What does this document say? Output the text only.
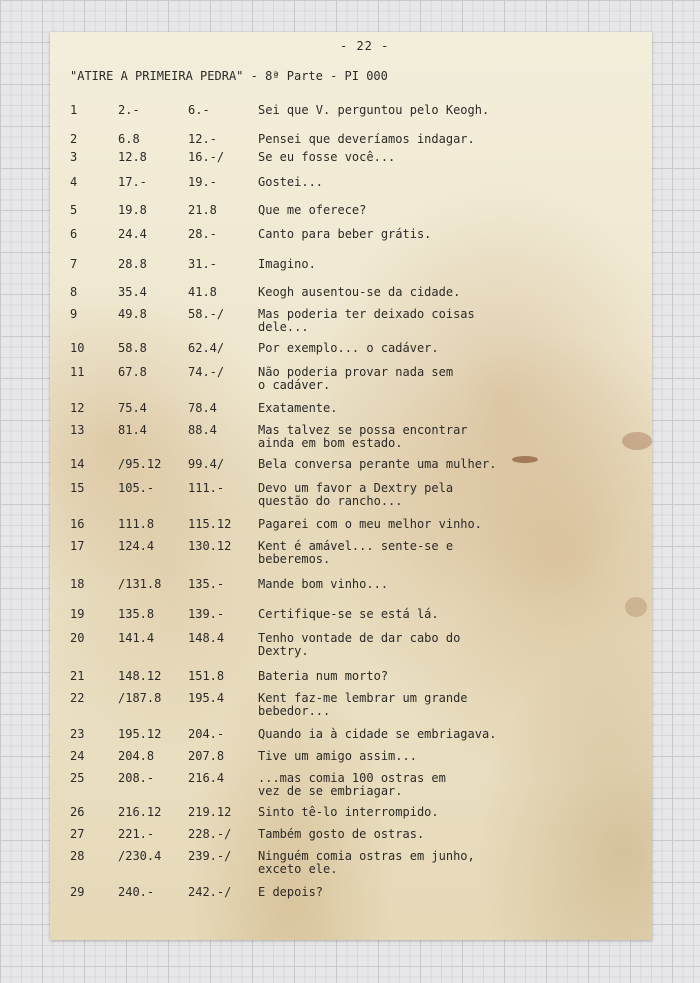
- 22 -
"ATIRE A PRIMEIRA PEDRA" - 8ª Parte - PI 000
1	2.-	6.-	Sei que V. perguntou pelo Keogh.
2	6.8	12.-	Pensei que deveríamos indagar.
3	12.8	16.-/	Se eu fosse você...
4	17.-	19.-	Gostei...
5	19.8	21.8	Que me oferece?
6	24.4	28.-	Canto para beber grátis.
7	28.8	31.-	Imagino.
8	35.4	41.8	Keogh ausentou-se da cidade.
9	49.8	58.-/	Mas poderia ter deixado coisas
dele...
10	58.8	62.4/	Por exemplo... o cadáver.
11	67.8	74.-/	Não poderia provar nada sem
o cadáver.
12	75.4	78.4	Exatamente.
13	81.4	88.4	Mas talvez se possa encontrar
ainda em bom estado.
14	/95.12 99.4/	Bela conversa perante uma mulher.
15	105.-	111.-	Devo um favor a Dextry pela
questão do rancho...
16	111.8	115.12 Pagarei com o meu melhor vinho.
17	124.4	130.12 Kent é amável... sente-se e
beberemos.
18	/131.8 135.-	Mande bom vinho...
19	135.8	139.-	Certifique-se se está lá.
20	141.4	148.4	Tenho vontade de dar cabo do
Dextry.
21	148.12 151.8	Bateria num morto?
22	/187.8 195.4	Kent faz-me lembrar um grande
bebedor...
23	195.12 204.-	Quando ia à cidade se embriagava.
24	204.8	207.8	Tive um amigo assim...
25	208.-	216.4	...mas comia 100 ostras em
vez de se embriagar.
26	216.12 219.12 Sinto tê-lo interrompido.
27	221.-	228.-/ Também gosto de ostras.
28	/230.4 239.-/ Ninguém comia ostras em junho,
exceto ele.
29	240.-	242.-/ E depois?
